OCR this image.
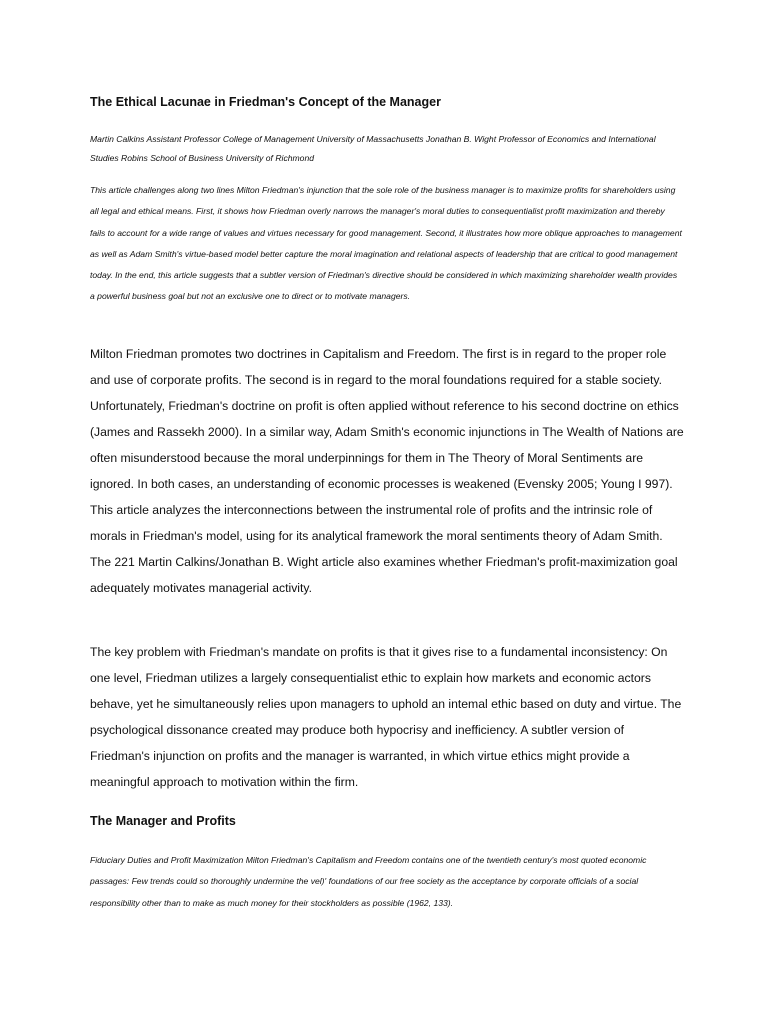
The Ethical Lacunae in Friedman's Concept of the Manager
Martin Calkins Assistant Professor College of Management University of Massachusetts Jonathan B. Wight Professor of Economics and International Studies Robins School of Business University of Richmond
This article challenges along two lines Milton Friedman's injunction that the sole role of the business manager is to maximize profits for shareholders using all legal and ethical means. First, it shows how Friedman overly narrows the manager's moral duties to consequentialist profit maximization and thereby fails to account for a wide range of values and virtues necessary for good management. Second, it illustrates how more oblique approaches to management as well as Adam Smith's virtue-based model better capture the moral imagination and relational aspects of leadership that are critical to good management today. In the end, this article suggests that a subtler version of Friedman's directive should be considered in which maximizing shareholder wealth provides a powerful business goal but not an exclusive one to direct or to motivate managers.
Milton Friedman promotes two doctrines in Capitalism and Freedom. The first is in regard to the proper role and use of corporate profits. The second is in regard to the moral foundations required for a stable society. Unfortunately, Friedman's doctrine on profit is often applied without reference to his second doctrine on ethics (James and Rassekh 2000). In a similar way, Adam Smith's economic injunctions in The Wealth of Nations are often misunderstood because the moral underpinnings for them in The Theory of Moral Sentiments are ignored. In both cases, an understanding of economic processes is weakened (Evensky 2005; Young I 997). This article analyzes the interconnections between the instrumental role of profits and the intrinsic role of morals in Friedman's model, using for its analytical framework the moral sentiments theory of Adam Smith. The 221 Martin Calkins/Jonathan B. Wight article also examines whether Friedman's profit-maximization goal adequately motivates managerial activity.
The key problem with Friedman's mandate on profits is that it gives rise to a fundamental inconsistency: On one level, Friedman utilizes a largely consequentialist ethic to explain how markets and economic actors behave, yet he simultaneously relies upon managers to uphold an intemal ethic based on duty and virtue. The psychological dissonance created may produce both hypocrisy and inefficiency. A subtler version of Friedman's injunction on profits and the manager is warranted, in which virtue ethics might provide a meaningful approach to motivation within the firm.
The Manager and Profits
Fiduciary Duties and Profit Maximization Milton Friedman's Capitalism and Freedom contains one of the twentieth century's most quoted economic passages: Few trends could so thoroughly undermine the vel)' foundations of our free society as the acceptance by corporate officials of a social responsibility other than to make as much money for their stockholders as possible (1962, 133).
